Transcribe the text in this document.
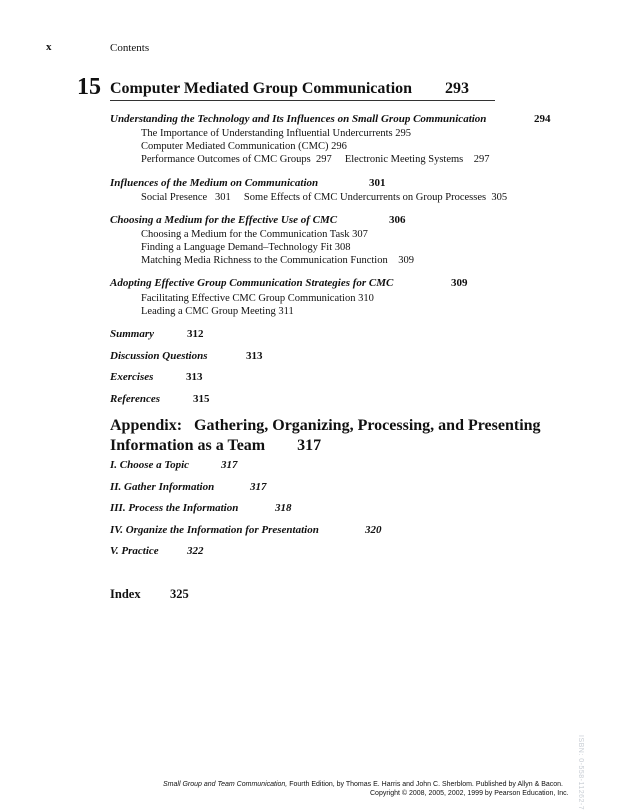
x	Contents
15 Computer Mediated Group Communication 293
Understanding the Technology and Its Influences on Small Group Communication	294
The Importance of Understanding Influential Undercurrents 295
Computer Mediated Communication (CMC) 296
Performance Outcomes of CMC Groups  297     Electronic Meeting Systems    297
Influences of the Medium on Communication	301
Social Presence   301     Some Effects of CMC Undercurrents on Group Processes  305
Choosing a Medium for the Effective Use of CMC	306
Choosing a Medium for the Communication Task 307
Finding a Language Demand–Technology Fit 308
Matching Media Richness to the Communication Function    309
Adopting Effective Group Communication Strategies for CMC	309
Facilitating Effective CMC Group Communication 310
Leading a CMC Group Meeting 311
Summary	312
Discussion Questions	313
Exercises	313
References	315
Appendix:   Gathering, Organizing, Processing, and Presenting
Information as a Team 317
I. Choose a Topic	317
II. Gather Information	317
III. Process the Information	318
IV. Organize the Information for Presentation	320
V. Practice	322
Index 325
ISBN: 0-558-11262-7
Small Group and Team Communication, Fourth Edition, by Thomas E. Harris and John C. Sherblom. Published by Allyn & Bacon.
Copyright © 2008, 2005, 2002, 1999 by Pearson Education, Inc.
